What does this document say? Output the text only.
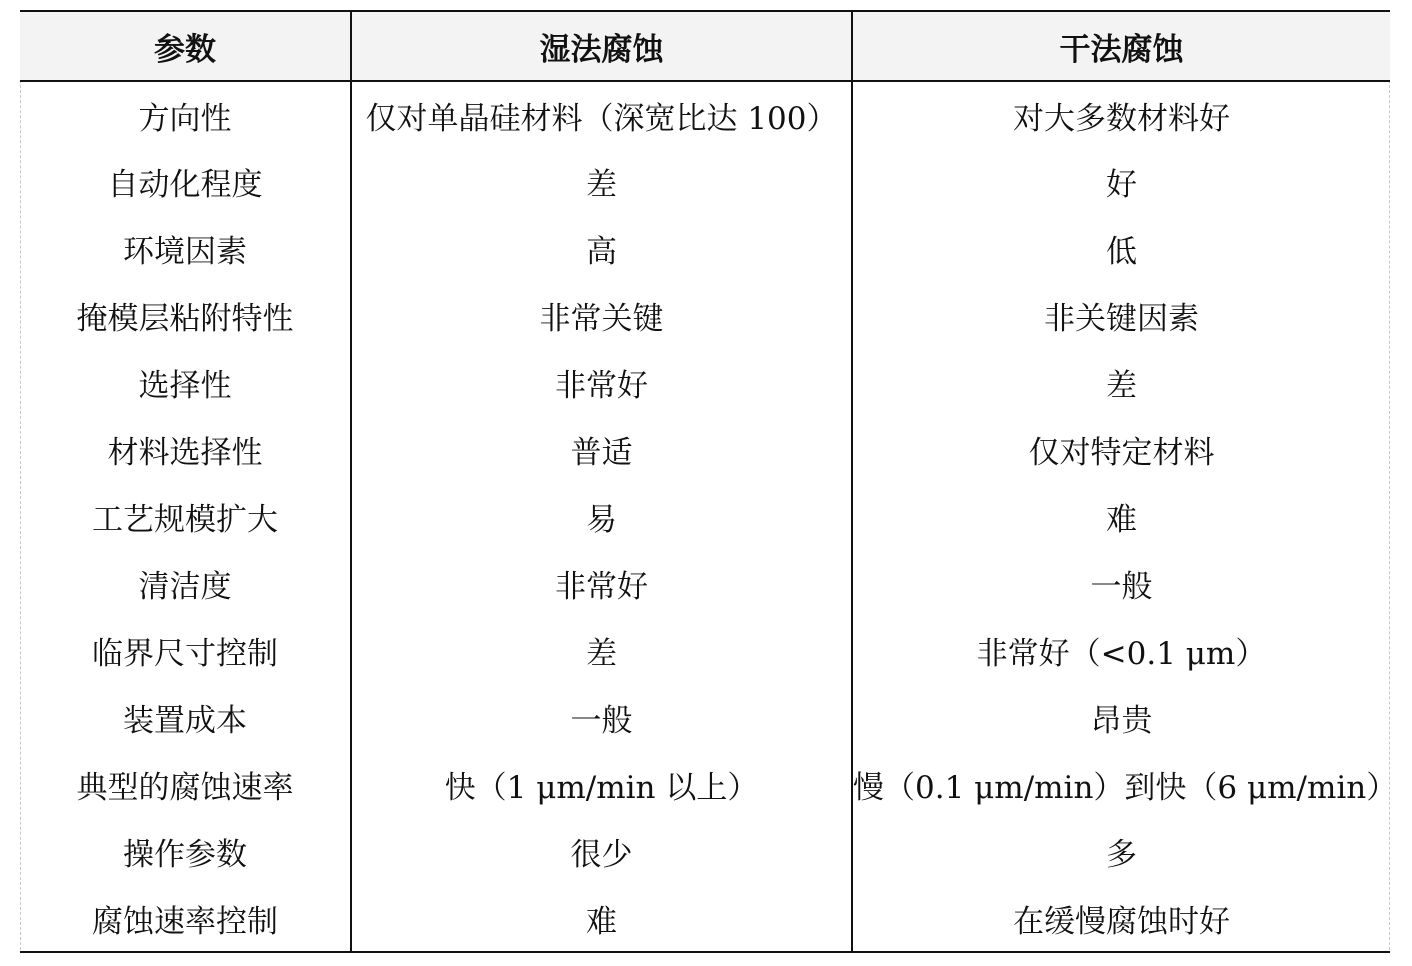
参数	湿法腐蚀	干法腐蚀
方向性	仅对单晶硅材料（深宽比达 100）	对大多数材料好
自动化程度	差	好
环境因素	高	低
掩模层粘附特性	非常关键	非关键因素
选择性	非常好	差
材料选择性	普适	仅对特定材料
工艺规模扩大	易	难
清洁度	非常好	一般
临界尺寸控制	差	非常好（<0.1 μm）
装置成本	一般	昂贵
典型的腐蚀速率	快（1 μm/min 以上）	慢（0.1 μm/min）到快（6 μm/min）
操作参数	很少	多
腐蚀速率控制	难	在缓慢腐蚀时好
